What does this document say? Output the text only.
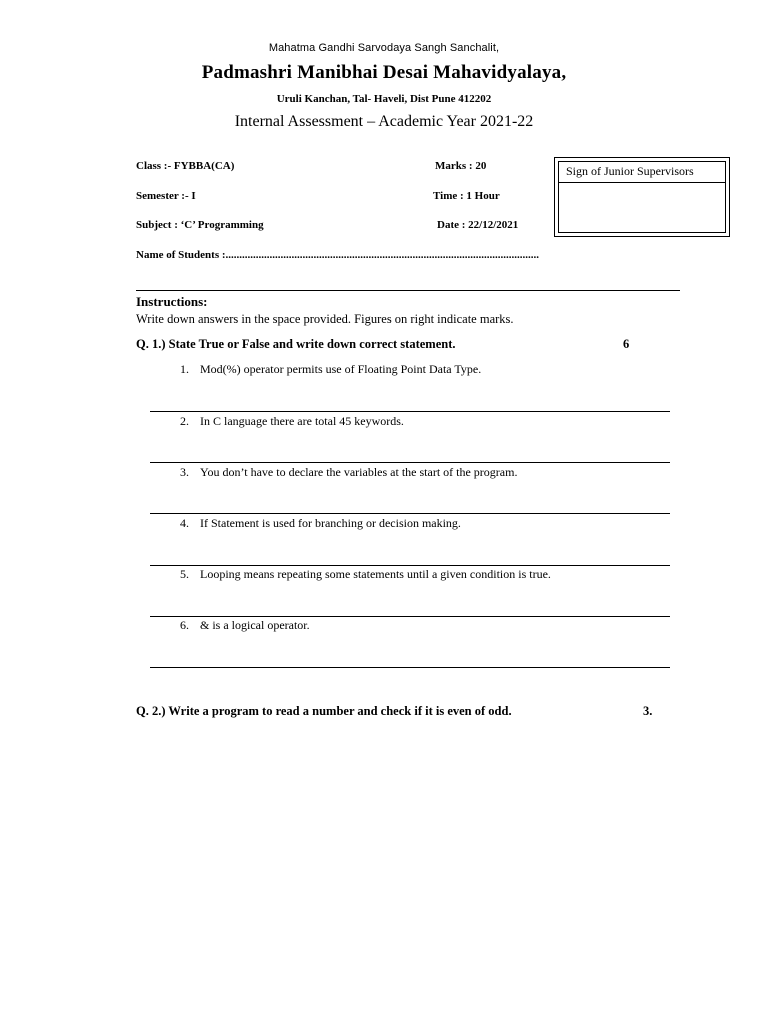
Mahatma Gandhi Sarvodaya Sangh Sanchalit,
Padmashri Manibhai Desai Mahavidyalaya,
Uruli Kanchan, Tal- Haveli, Dist Pune 412202
Internal Assessment – Academic Year 2021-22
Class :- FYBBA(CA)	Marks : 20
Semester :- I	Time : 1 Hour
Subject : ‘C’ Programming	Date : 22/12/2021
Name of Students :..................................................................................................................
Sign of Junior Supervisors
Instructions:
Write down answers in the space provided. Figures on right indicate marks.
Q. 1.) State True or False and write down correct statement.	6
1. Mod(%) operator permits use of Floating Point Data Type.
2. In C language there are total 45 keywords.
3. You don’t have to declare the variables at the start of the program.
4. If Statement is used for branching or decision making.
5. Looping means repeating some statements until a given condition is true.
6. & is a logical operator.
Q. 2.) Write a program to read a number and check if it is even of odd.	3.
